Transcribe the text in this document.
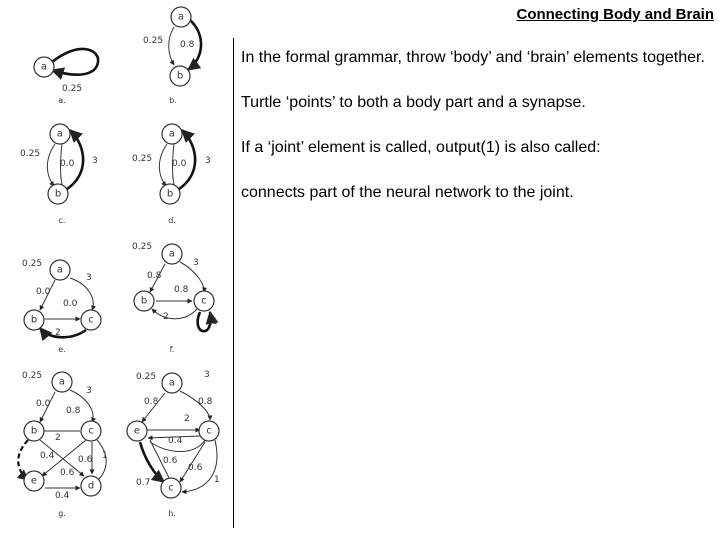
a
0.25
a.
a
b
0.25 0.8
b.
a
b
0.25
0.0 3
c.
a
b
0.25 0.0 3
d.
a
b	c
0.25
0.0
3
0.0
2
e.
a
b	c
0.25
0.8
3
0.8
2	1
f.
a
b	c
e	d
0.25
0.0
3
0.8
2
0.4	0.6
0.6
1
0.4
g.
a
e	c
c
0.25	3
0.8	0.8
2
0.4
0.6
0.6
0.7	1
h.
Connecting Body and Brain

In the formal grammar, throw ‘body’ and ‘brain’ elements together.

Turtle ‘points’ to both a body part and a synapse.

If a ‘joint’ element is called, output(1) is also called:

connects part of the neural network to the joint.
